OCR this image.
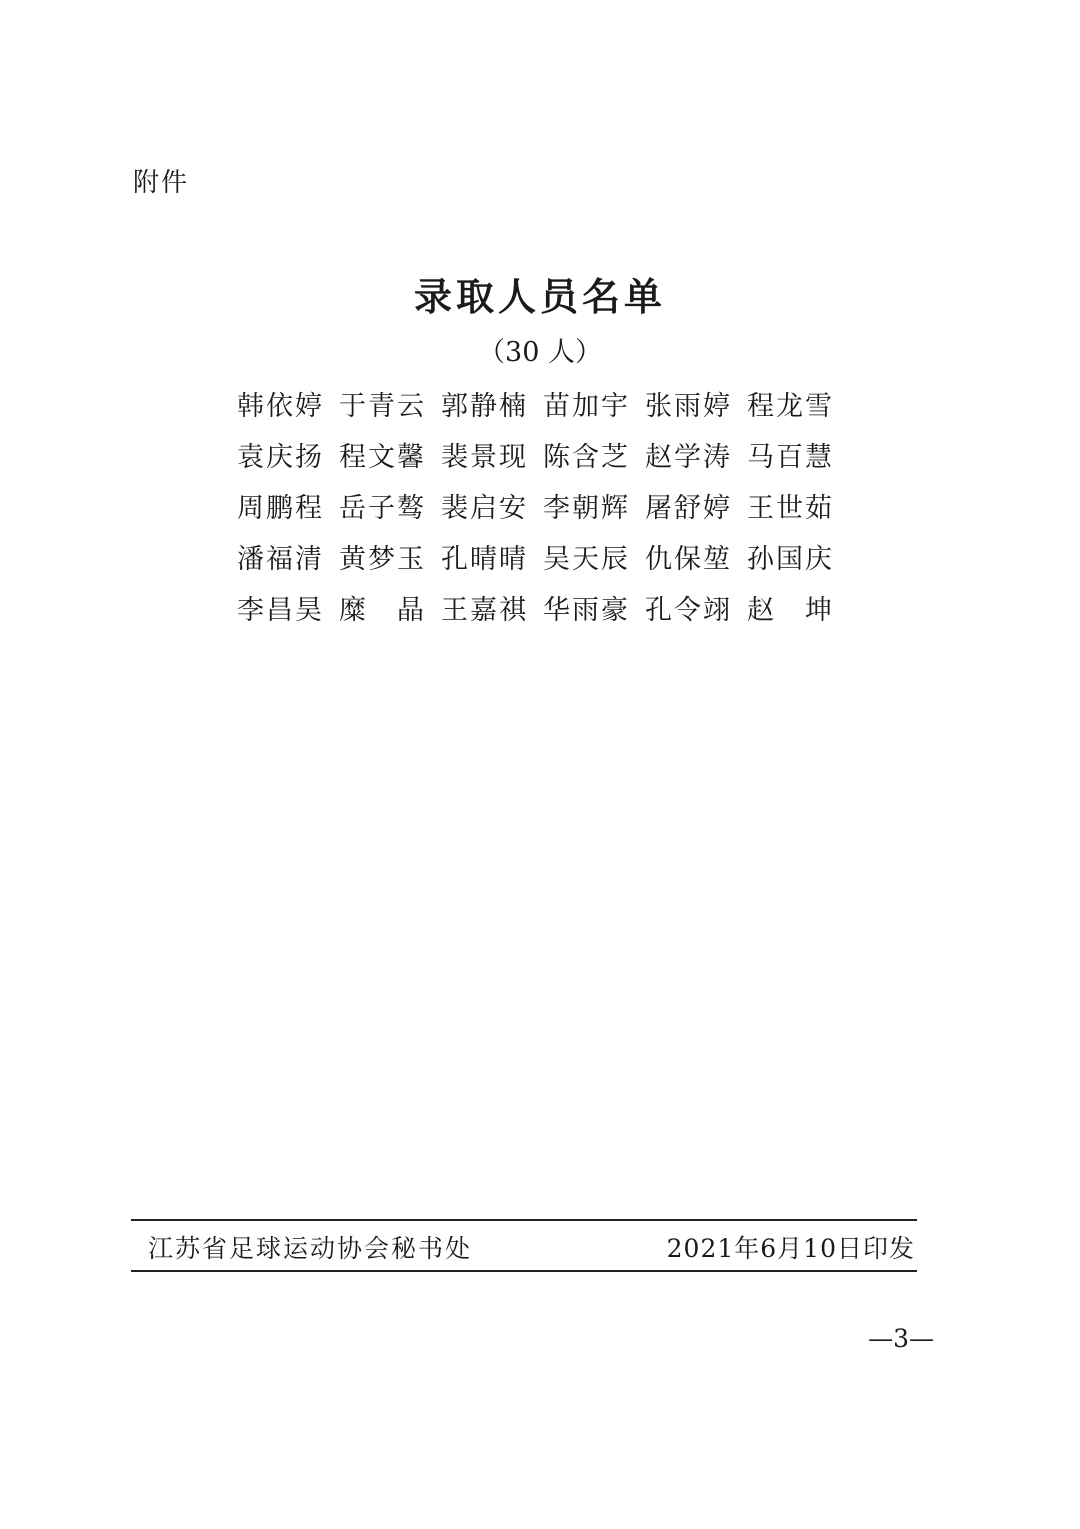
附件
录取人员名单
（30 人）
韩依婷 于青云 郭静楠 苗加宇 张雨婷 程龙雪
袁庆扬 程文馨 裴景现 陈含芝 赵学涛 马百慧
周鹏程 岳子骜 裴启安 李朝辉 屠舒婷 王世茹
潘福清 黄梦玉 孔晴晴 吴天辰 仇保堃 孙国庆
李昌昊 糜　晶 王嘉祺 华雨豪 孔令翊 赵　坤
江苏省足球运动协会秘书处	2021年6月10日印发
—3—
